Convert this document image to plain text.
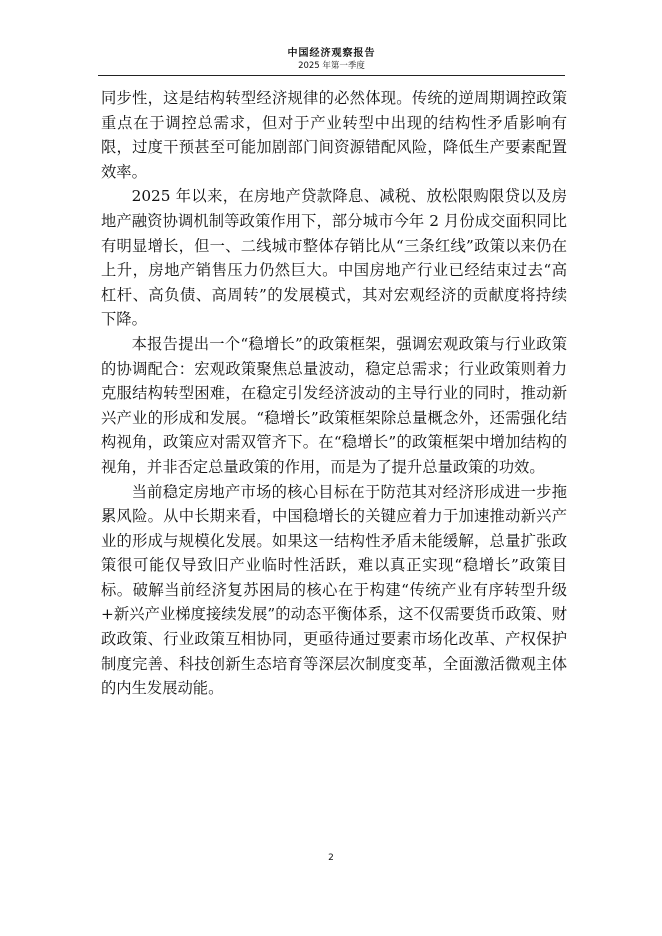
中国经济观察报告
2025 年第一季度

同步性，这是结构转型经济规律的必然体现。传统的逆周期调控政策重点在于调控总需求，但对于产业转型中出现的结构性矛盾影响有限，过度干预甚至可能加剧部门间资源错配风险，降低生产要素配置效率。

2025 年以来，在房地产贷款降息、减税、放松限购限贷以及房地产融资协调机制等政策作用下，部分城市今年 2 月份成交面积同比有明显增长，但一、二线城市整体存销比从“三条红线”政策以来仍在上升，房地产销售压力仍然巨大。中国房地产行业已经结束过去“高杠杆、高负债、高周转”的发展模式，其对宏观经济的贡献度将持续下降。

本报告提出一个“稳增长”的政策框架，强调宏观政策与行业政策的协调配合：宏观政策聚焦总量波动，稳定总需求；行业政策则着力克服结构转型困难，在稳定引发经济波动的主导行业的同时，推动新兴产业的形成和发展。“稳增长”政策框架除总量概念外，还需强化结构视角，政策应对需双管齐下。在“稳增长”的政策框架中增加结构的视角，并非否定总量政策的作用，而是为了提升总量政策的功效。

当前稳定房地产市场的核心目标在于防范其对经济形成进一步拖累风险。从中长期来看，中国稳增长的关键应着力于加速推动新兴产业的形成与规模化发展。如果这一结构性矛盾未能缓解，总量扩张政策很可能仅导致旧产业临时性活跃，难以真正实现“稳增长”政策目标。破解当前经济复苏困局的核心在于构建“传统产业有序转型升级+新兴产业梯度接续发展”的动态平衡体系，这不仅需要货币政策、财政政策、行业政策互相协同，更亟待通过要素市场化改革、产权保护制度完善、科技创新生态培育等深层次制度变革，全面激活微观主体的内生发展动能。

2
